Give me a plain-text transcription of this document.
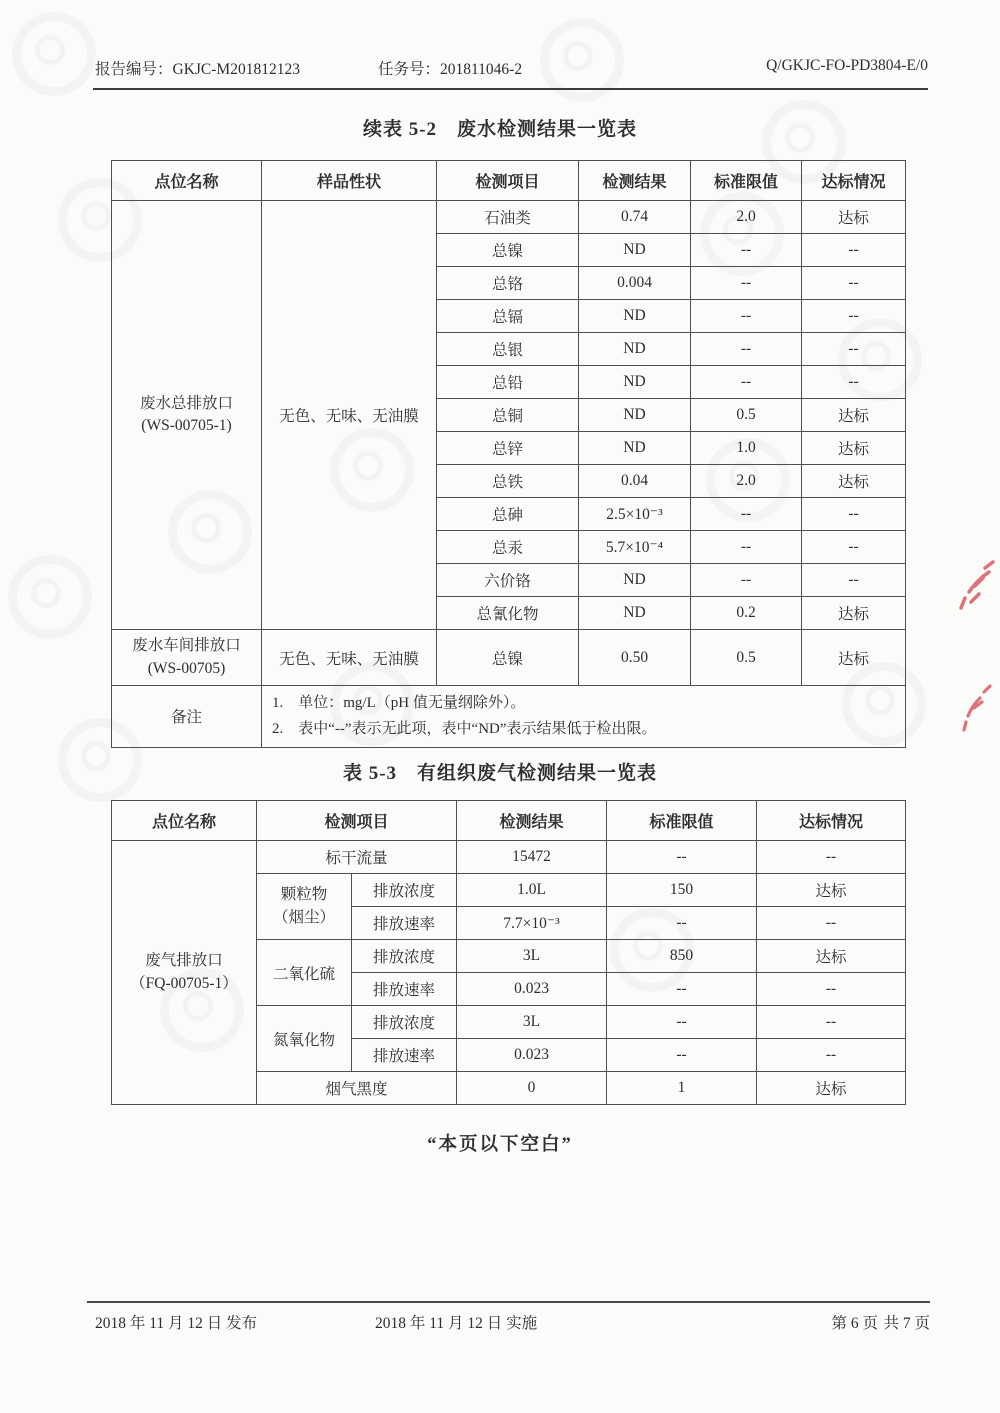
报告编号：GKJC-M201812123	任务号：201811046-2	Q/GKJC-FO-PD3804-E/0
续表 5-2　废水检测结果一览表
点位名称	样品性状	检测项目	检测结果	标准限值	达标情况

废水总排放口
(WS-00705-1)	无色、无味、无油膜	石油类	0.74	2.0	达标
		总镍	ND	--	--
		总铬	0.004	--	--
		总镉	ND	--	--
		总银	ND	--	--
		总铅	ND	--	--
		总铜	ND	0.5	达标
		总锌	ND	1.0	达标
		总铁	0.04	2.0	达标
		总砷	2.5×10⁻³	--	--
		总汞	5.7×10⁻⁴	--	--
		六价铬	ND	--	--
		总氰化物	ND	0.2	达标

废水车间排放口
(WS-00705)	无色、无味、无油膜	总镍	0.50	0.5	达标
备注	1.　单位：mg/L（pH 值无量纲除外）。
2.　表中“--”表示无此项，表中“ND”表示结果低于检出限。				
表 5-3　有组织废气检测结果一览表
点位名称	检测项目		检测结果	标准限值	达标情况

废气排放口
（FQ-00705-1）	标干流量		15472	--	--

	颗粒物
（烟尘）	排放浓度	1.0L	150	达标
		排放速率	7.7×10⁻³	--	--
	二氧化硫	排放浓度	3L	850	达标
		排放速率	0.023	--	--
	氮氧化物	排放浓度	3L	--	--
		排放速率	0.023	--	--
	烟气黑度		0	1	达标
“本页以下空白”
2018 年 11 月 12 日 发布	2018 年 11 月 12 日 实施	第 6 页 共 7 页
